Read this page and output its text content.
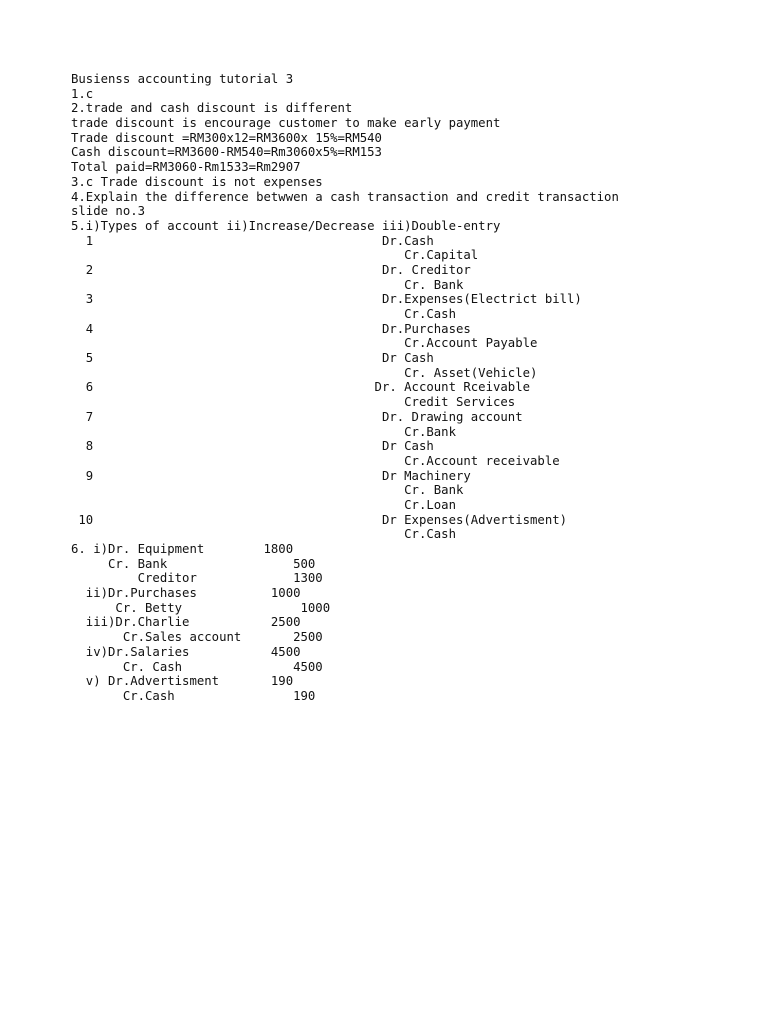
Busienss accounting tutorial 3
1.c
2.trade and cash discount is different
trade discount is encourage customer to make early payment
Trade discount =RM300x12=RM3600x 15%=RM540
Cash discount=RM3600-RM540=Rm3060x5%=RM153
Total paid=RM3060-Rm1533=Rm2907
3.c Trade discount is not expenses
4.Explain the difference betwwen a cash transaction and credit transaction
slide no.3
5.i)Types of account ii)Increase/Decrease iii)Double-entry
1                                       Dr.Cash
Cr.Capital
2                                       Dr. Creditor
Cr. Bank
3                                       Dr.Expenses(Electrict bill)
Cr.Cash
4                                       Dr.Purchases
Cr.Account Payable
5                                       Dr Cash
Cr. Asset(Vehicle)
6                                      Dr. Account Rceivable
Credit Services
7                                       Dr. Drawing account
Cr.Bank
8                                       Dr Cash
Cr.Account receivable
9                                       Dr Machinery
Cr. Bank
Cr.Loan
10                                       Dr Expenses(Advertisment)
Cr.Cash
6. i)Dr. Equipment        1800
Cr. Bank                 500
Creditor             1300
ii)Dr.Purchases          1000
Cr. Betty                1000
iii)Dr.Charlie           2500
Cr.Sales account       2500
iv)Dr.Salaries           4500
Cr. Cash               4500
v) Dr.Advertisment       190
Cr.Cash                190
